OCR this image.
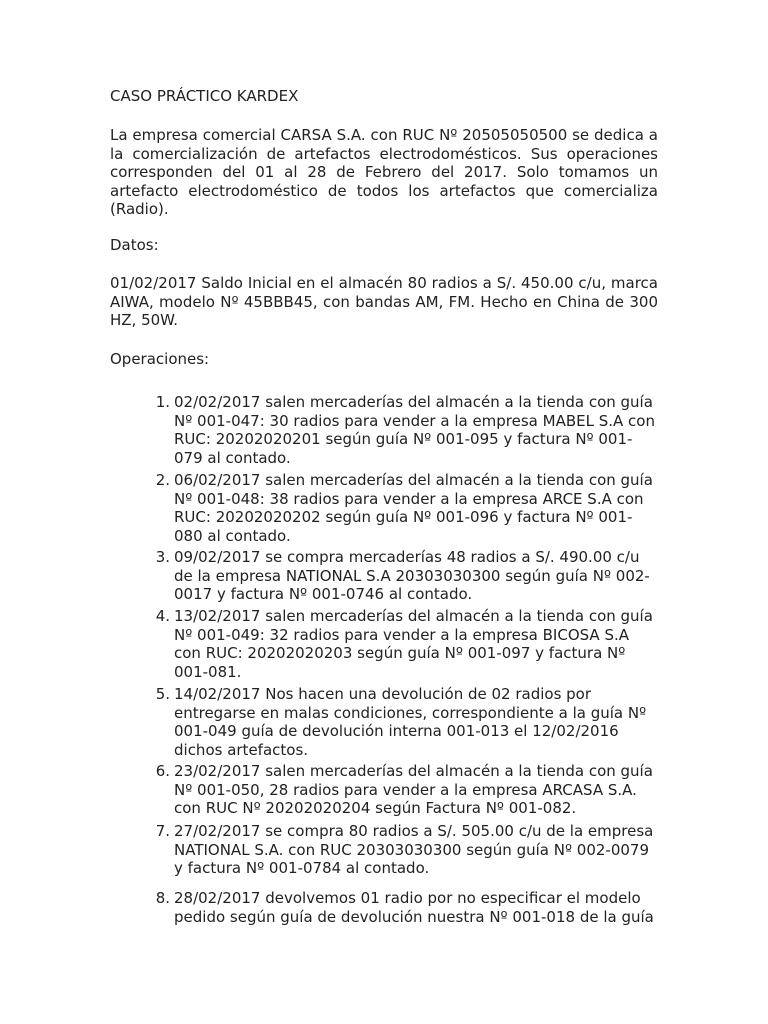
CASO PRÁCTICO KARDEX

La empresa comercial CARSA S.A. con RUC Nº 20505050500 se dedica a la comercialización de artefactos electrodomésticos. Sus operaciones corresponden del 01 al 28 de Febrero del 2017. Solo tomamos un artefacto electrodoméstico de todos los artefactos que comercializa (Radio).

Datos:

01/02/2017 Saldo Inicial en el almacén 80 radios a S/. 450.00 c/u, marca AIWA, modelo Nº 45BBB45, con bandas AM, FM. Hecho en China de 300 HZ, 50W.

Operaciones:
1. 02/02/2017 salen mercaderías del almacén a la tienda con guía Nº 001-047: 30 radios para vender a la empresa MABEL S.A con RUC: 20202020201 según guía Nº 001-095 y factura Nº 001-079 al contado.

2. 06/02/2017 salen mercaderías del almacén a la tienda con guía Nº 001-048: 38 radios para vender a la empresa ARCE S.A con RUC: 20202020202 según guía Nº 001-096 y factura Nº 001-080 al contado.

3. 09/02/2017 se compra mercaderías 48 radios a S/. 490.00 c/u de la empresa NATIONAL S.A 20303030300 según guía Nº 002-0017 y factura Nº 001-0746 al contado.

4. 13/02/2017 salen mercaderías del almacén a la tienda con guía Nº 001-049: 32 radios para vender a la empresa BICOSA S.A con RUC: 20202020203 según guía Nº 001-097 y factura Nº 001-081.

5. 14/02/2017 Nos hacen una devolución de 02 radios por entregarse en malas condiciones, correspondiente a la guía Nº 001-049 guía de devolución interna 001-013 el 12/02/2016 dichos artefactos.

6. 23/02/2017 salen mercaderías del almacén a la tienda con guía Nº 001-050, 28 radios para vender a la empresa ARCASA S.A. con RUC Nº 20202020204 según Factura Nº 001-082.

7. 27/02/2017 se compra 80 radios a S/. 505.00 c/u de la empresa NATIONAL S.A. con RUC 20303030300 según guía Nº 002-0079 y factura Nº 001-0784 al contado.

8. 28/02/2017 devolvemos 01 radio por no especificar el modelo pedido según guía de devolución nuestra Nº 001-018 de la guía
